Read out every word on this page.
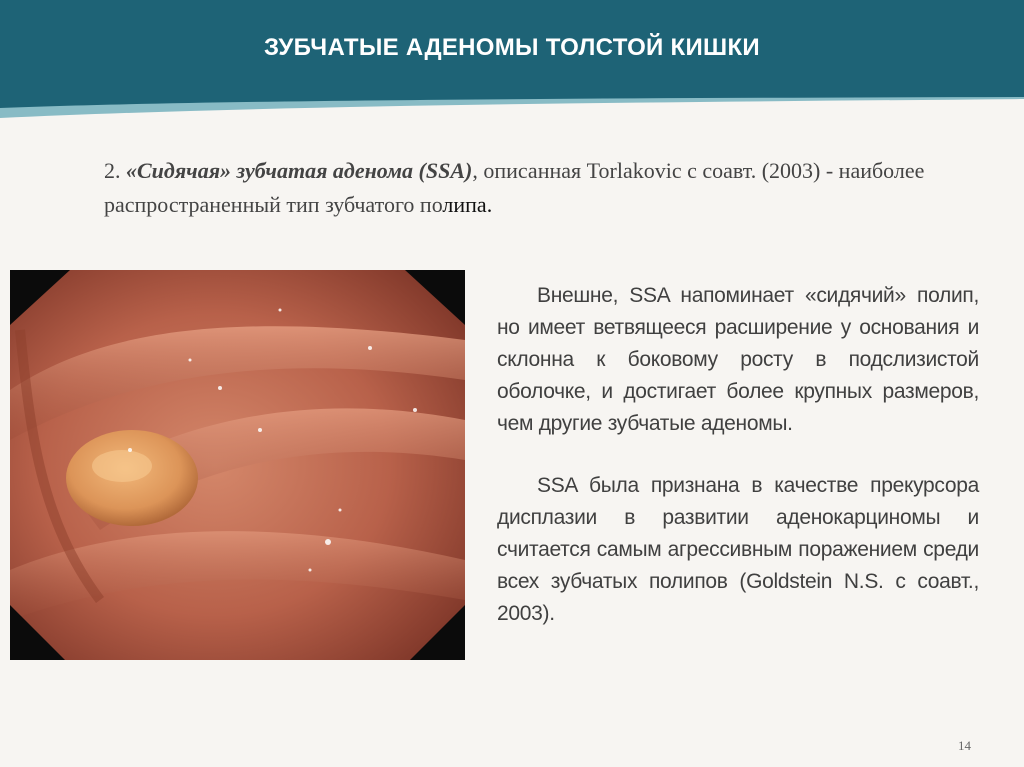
ЗУБЧАТЫЕ АДЕНОМЫ ТОЛСТОЙ КИШКИ
2. «Сидячая» зубчатая аденома (SSA), описанная Torlakovic с соавт. (2003) - наиболее распространенный тип зубчатого полипа.

Внешне, SSA напоминает «сидячий» полип, но имеет ветвящееся расширение у основания и склонна к боковому росту в подслизистой оболочке, и достигает более крупных размеров, чем другие зубчатые аденомы.

SSA была признана в качестве прекурсора дисплазии в развитии аденокарциномы и считается самым агрессивным поражением среди всех зубчатых полипов (Goldstein N.S. с соавт., 2003).

14
